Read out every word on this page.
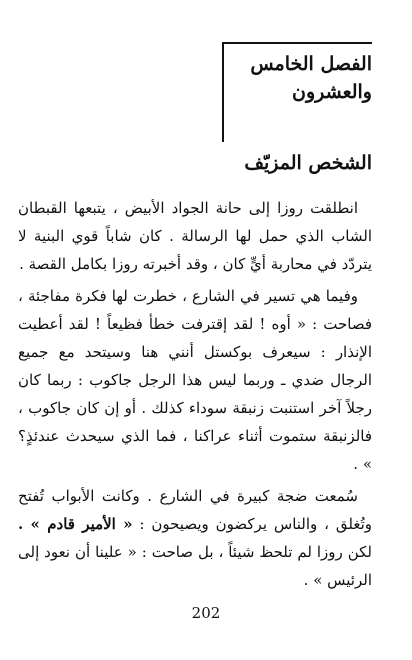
الفصل الخامس والعشرون
الشخص المزيّف

انطلقت روزا إلى حانة الجواد الأبيض ، يتبعها القبطان الشاب الذي حمل لها الرسالة . كان شاباً قوي البنية لا يتردّد في محاربة أيٍّ كان ، وقد أخبرته روزا بكامل القصة .

وفيما هي تسير في الشارع ، خطرت لها فكرة مفاجئة ، فصاحت : « أوه ! لقد إقترفت خطأ فظيعاً ! لقد أعطيت الإنذار : سيعرف بوكستل أنني هنا وسيتحد مع جميع الرجال ضدي ـ وربما ليس هذا الرجل جاكوب : ربما كان رجلاً آخر استنبت زنبقة سوداء كذلك . أو إن كان جاكوب ، فالزنبقة ستموت أثناء عراكنا ، فما الذي سيحدث عندئذٍ؟ » .

سُمعت ضجة كبيرة في الشارع . وكانت الأبواب تُفتح وتُغلق ، والناس يركضون ويصيحون : « الأمير قادم » . لكن روزا لم تلحظ شيئاً ، بل صاحت : « علينا أن نعود إلى الرئيس » .

202
